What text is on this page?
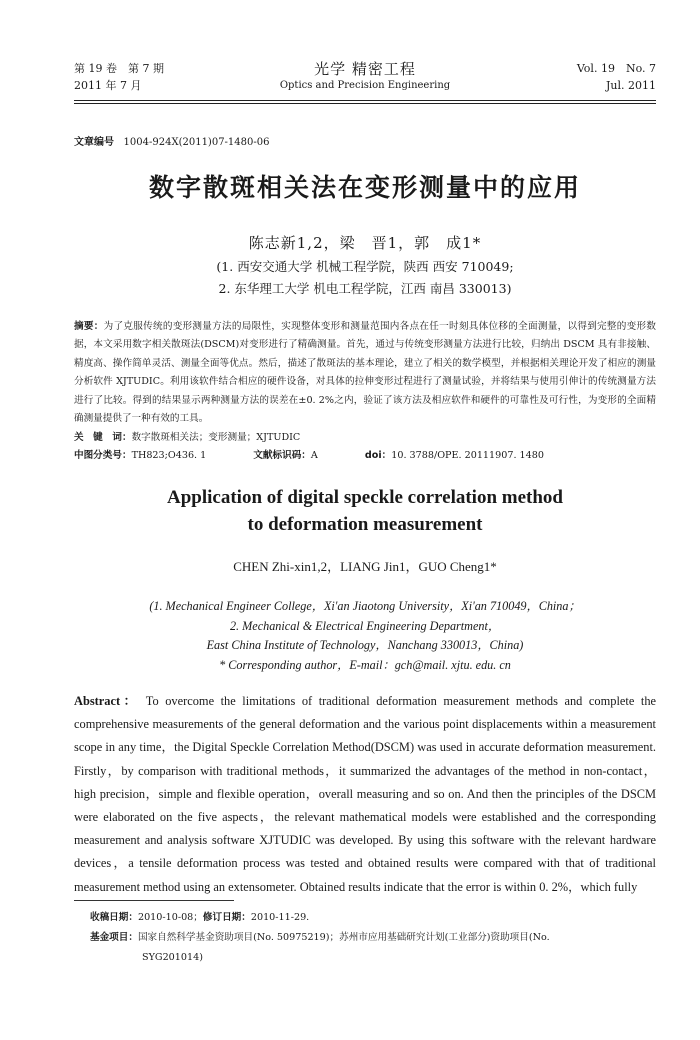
第 19 卷　第 7 期
2011 年 7 月
光学 精密工程
Optics and Precision Engineering
Vol. 19　No. 7
Jul. 2011
文章编号 1004-924X(2011)07-1480-06
数字散斑相关法在变形测量中的应用
陈志新1,2，梁　晋1，郭　成1*
(1. 西安交通大学 机械工程学院，陕西 西安 710049;
2. 东华理工大学 机电工程学院，江西 南昌 330013)
摘要：为了克服传统的变形测量方法的局限性，实现整体变形和测量范围内各点在任一时刻具体位移的全面测量，以得到完整的变形数据，本文采用数字相关散斑法(DSCM)对变形进行了精确测量。首先，通过与传统变形测量方法进行比较，归纳出 DSCM 具有非接触、精度高、操作简单灵活、测量全面等优点。然后，描述了散斑法的基本理论，建立了相关的数学模型，并根据相关理论开发了相应的测量分析软件 XJTUDIC。利用该软件结合相应的硬件设备，对具体的拉伸变形过程进行了测量试验，并将结果与使用引伸计的传统测量方法进行了比较。得到的结果显示两种测量方法的误差在±0. 2%之内，验证了该方法及相应软件和硬件的可靠性及可行性，为变形的全面精确测量提供了一种有效的工具。
关　键　词：数字散斑相关法；变形测量；XJTUDIC
中图分类号：TH823;O436. 1	文献标识码：A	doi：10. 3788/OPE. 20111907. 1480
Application of digital speckle correlation method
to deformation measurement
CHEN Zhi-xin1,2，LIANG Jin1，GUO Cheng1*
(1. Mechanical Engineer College，Xi'an Jiaotong University，Xi'an 710049，China；
2. Mechanical & Electrical Engineering Department，
East China Institute of Technology，Nanchang 330013，China)
* Corresponding author，E-mail：gch@mail. xjtu. edu. cn
Abstract： To overcome the limitations of traditional deformation measurement methods and complete the comprehensive measurements of the general deformation and the various point displacements within a measurement scope in any time，the Digital Speckle Correlation Method(DSCM) was used in accurate deformation measurement. Firstly，by comparison with traditional methods，it summarized the advantages of the method in non-contact，high precision，simple and flexible operation，overall measuring and so on. And then the principles of the DSCM were elaborated on the five aspects，the relevant mathematical models were established and the corresponding measurement and analysis software XJTUDIC was developed. By using this software with the relevant hardware devices，a tensile deformation process was tested and obtained results were compared with that of traditional measurement method using an extensometer. Obtained results indicate that the error is within 0. 2%，which fully
收稿日期：2010-10-08；修订日期：2010-11-29.
基金项目：国家自然科学基金资助项目(No. 50975219)；苏州市应用基础研究计划(工业部分)资助项目(No.
SYG201014)
